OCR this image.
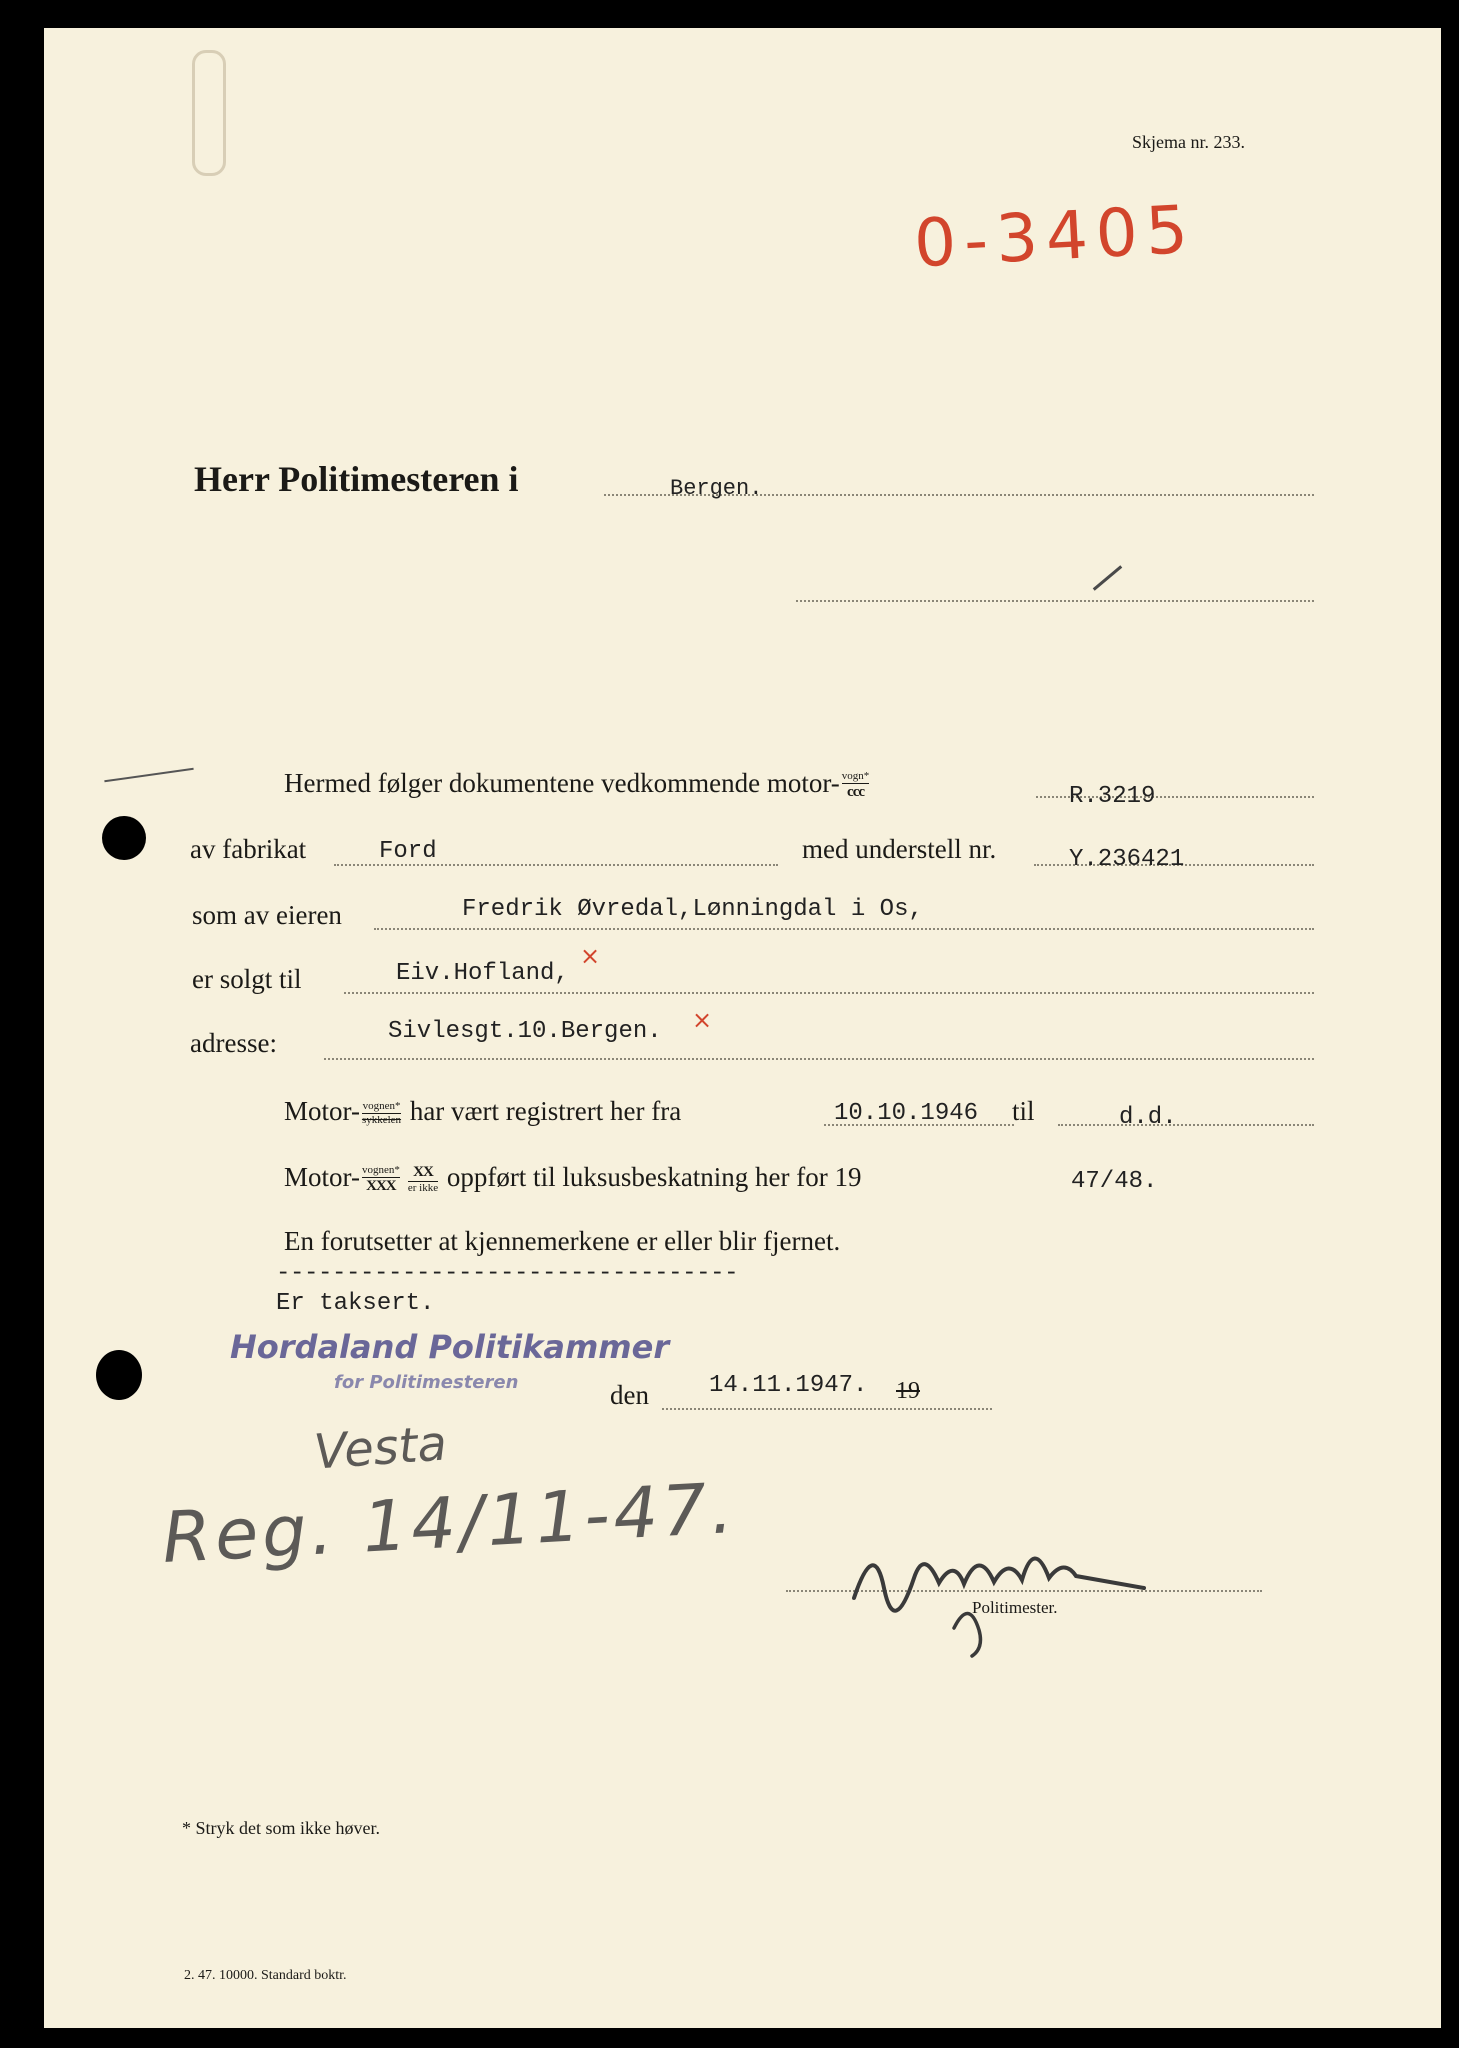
Skjema nr. 233.
0-3405
Herr Politimesteren i	Bergen.
Hermed følger dokumentene vedkommende motor- vogn*
ccc	R.3219
av fabrikat	Ford	med understell nr.	Y.236421
som av eieren	Fredrik Øvredal,Lønningdal i Os,
er solgt til	Eiv.Hofland,
×
adresse:	Sivlesgt.10.Bergen. ×
Motor- vognen*
sykkelen har vært registrert her fra	10.10.1946 til	d.d.
Motor- vognen*
XXX
XX
er ikke oppført til luksusbeskatning her for 19	47/48.
En forutsetter at kjennemerkene er eller blir fjernet.
---------------------------------
Er taksert.
Hordaland Politikammer
for Politimesteren	den	14.11.1947. 19
Vesta
Reg. 14/11-47.
Politimester.
* Stryk det som ikke høver.
2. 47. 10000. Standard boktr.
